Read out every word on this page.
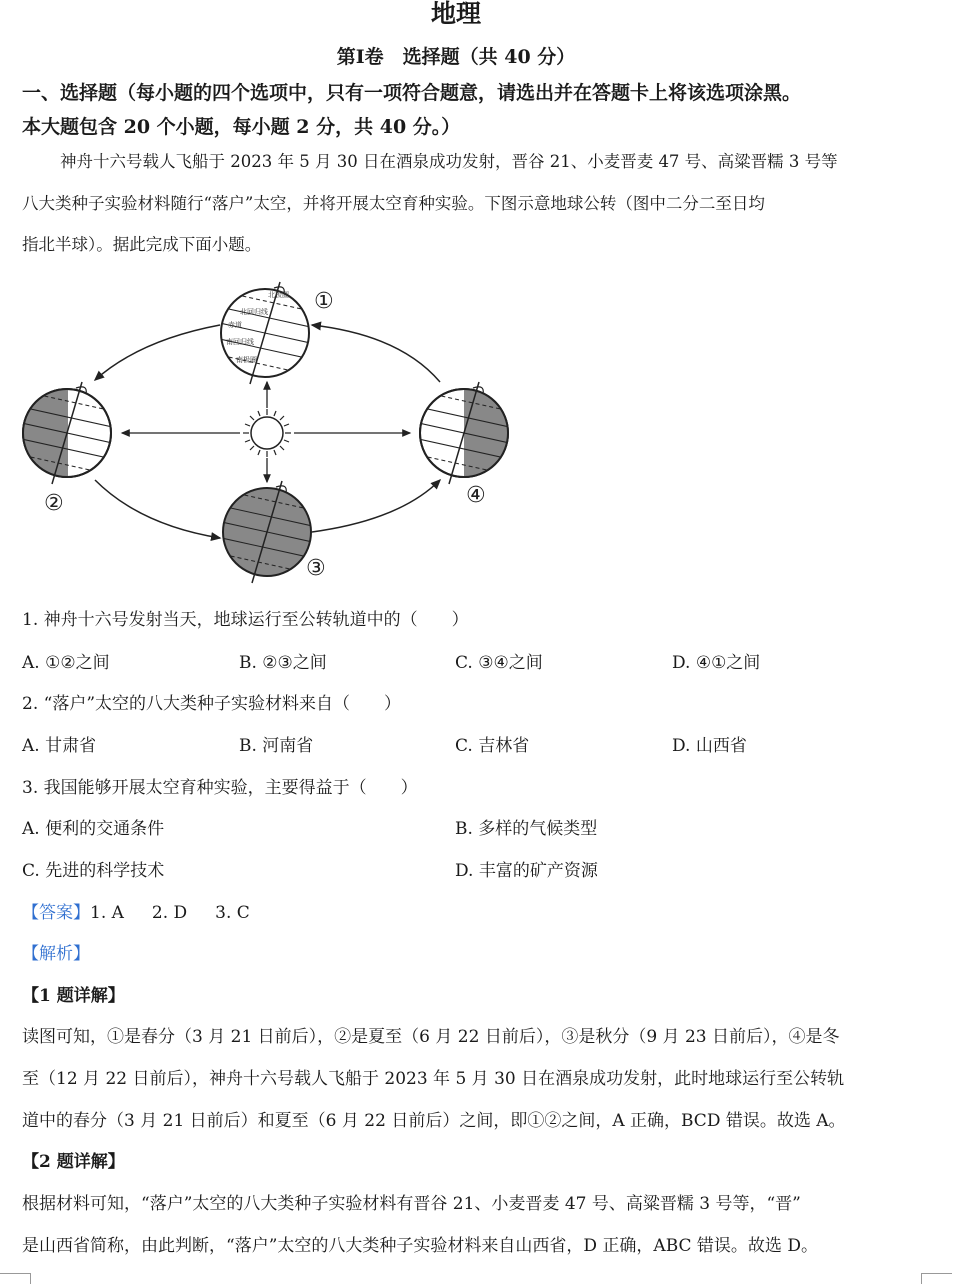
地理
第Ⅰ卷　选择题（共 40 分）
一、选择题（每小题的四个选项中，只有一项符合题意，请选出并在答题卡上将该选项涂黑。
本大题包含 20 个小题，每小题 2 分，共 40 分。）
神舟十六号载人飞船于 2023 年 5 月 30 日在酒泉成功发射，晋谷 21、小麦晋麦 47 号、高粱晋糯 3 号等
八大类种子实验材料随行“落户”太空，并将开展太空育种实验。下图示意地球公转（图中二分二至日均
指北半球）。据此完成下面小题。
北极圈
北回归线
赤道
南回归线
南极圈
①
②
③
④
1. 神舟十六号发射当天，地球运行至公转轨道中的（　　）
A. ①②之间	B. ②③之间	C. ③④之间	D. ④①之间
2. “落户”太空的八大类种子实验材料来自（　　）
A. 甘肃省	B. 河南省	C. 吉林省	D. 山西省
3. 我国能够开展太空育种实验，主要得益于（　　）
A. 便利的交通条件	B. 多样的气候类型
C. 先进的科学技术	D. 丰富的矿产资源
【答案】1. A 2. D 3. C
【解析】
【1 题详解】
读图可知，①是春分（3 月 21 日前后），②是夏至（6 月 22 日前后），③是秋分（9 月 23 日前后），④是冬
至（12 月 22 日前后），神舟十六号载人飞船于 2023 年 5 月 30 日在酒泉成功发射，此时地球运行至公转轨
道中的春分（3 月 21 日前后）和夏至（6 月 22 日前后）之间，即①②之间，A 正确，BCD 错误。故选 A。
【2 题详解】
根据材料可知，“落户”太空的八大类种子实验材料有晋谷 21、小麦晋麦 47 号、高粱晋糯 3 号等，“晋”
是山西省简称，由此判断，“落户”太空的八大类种子实验材料来自山西省，D 正确，ABC 错误。故选 D。
